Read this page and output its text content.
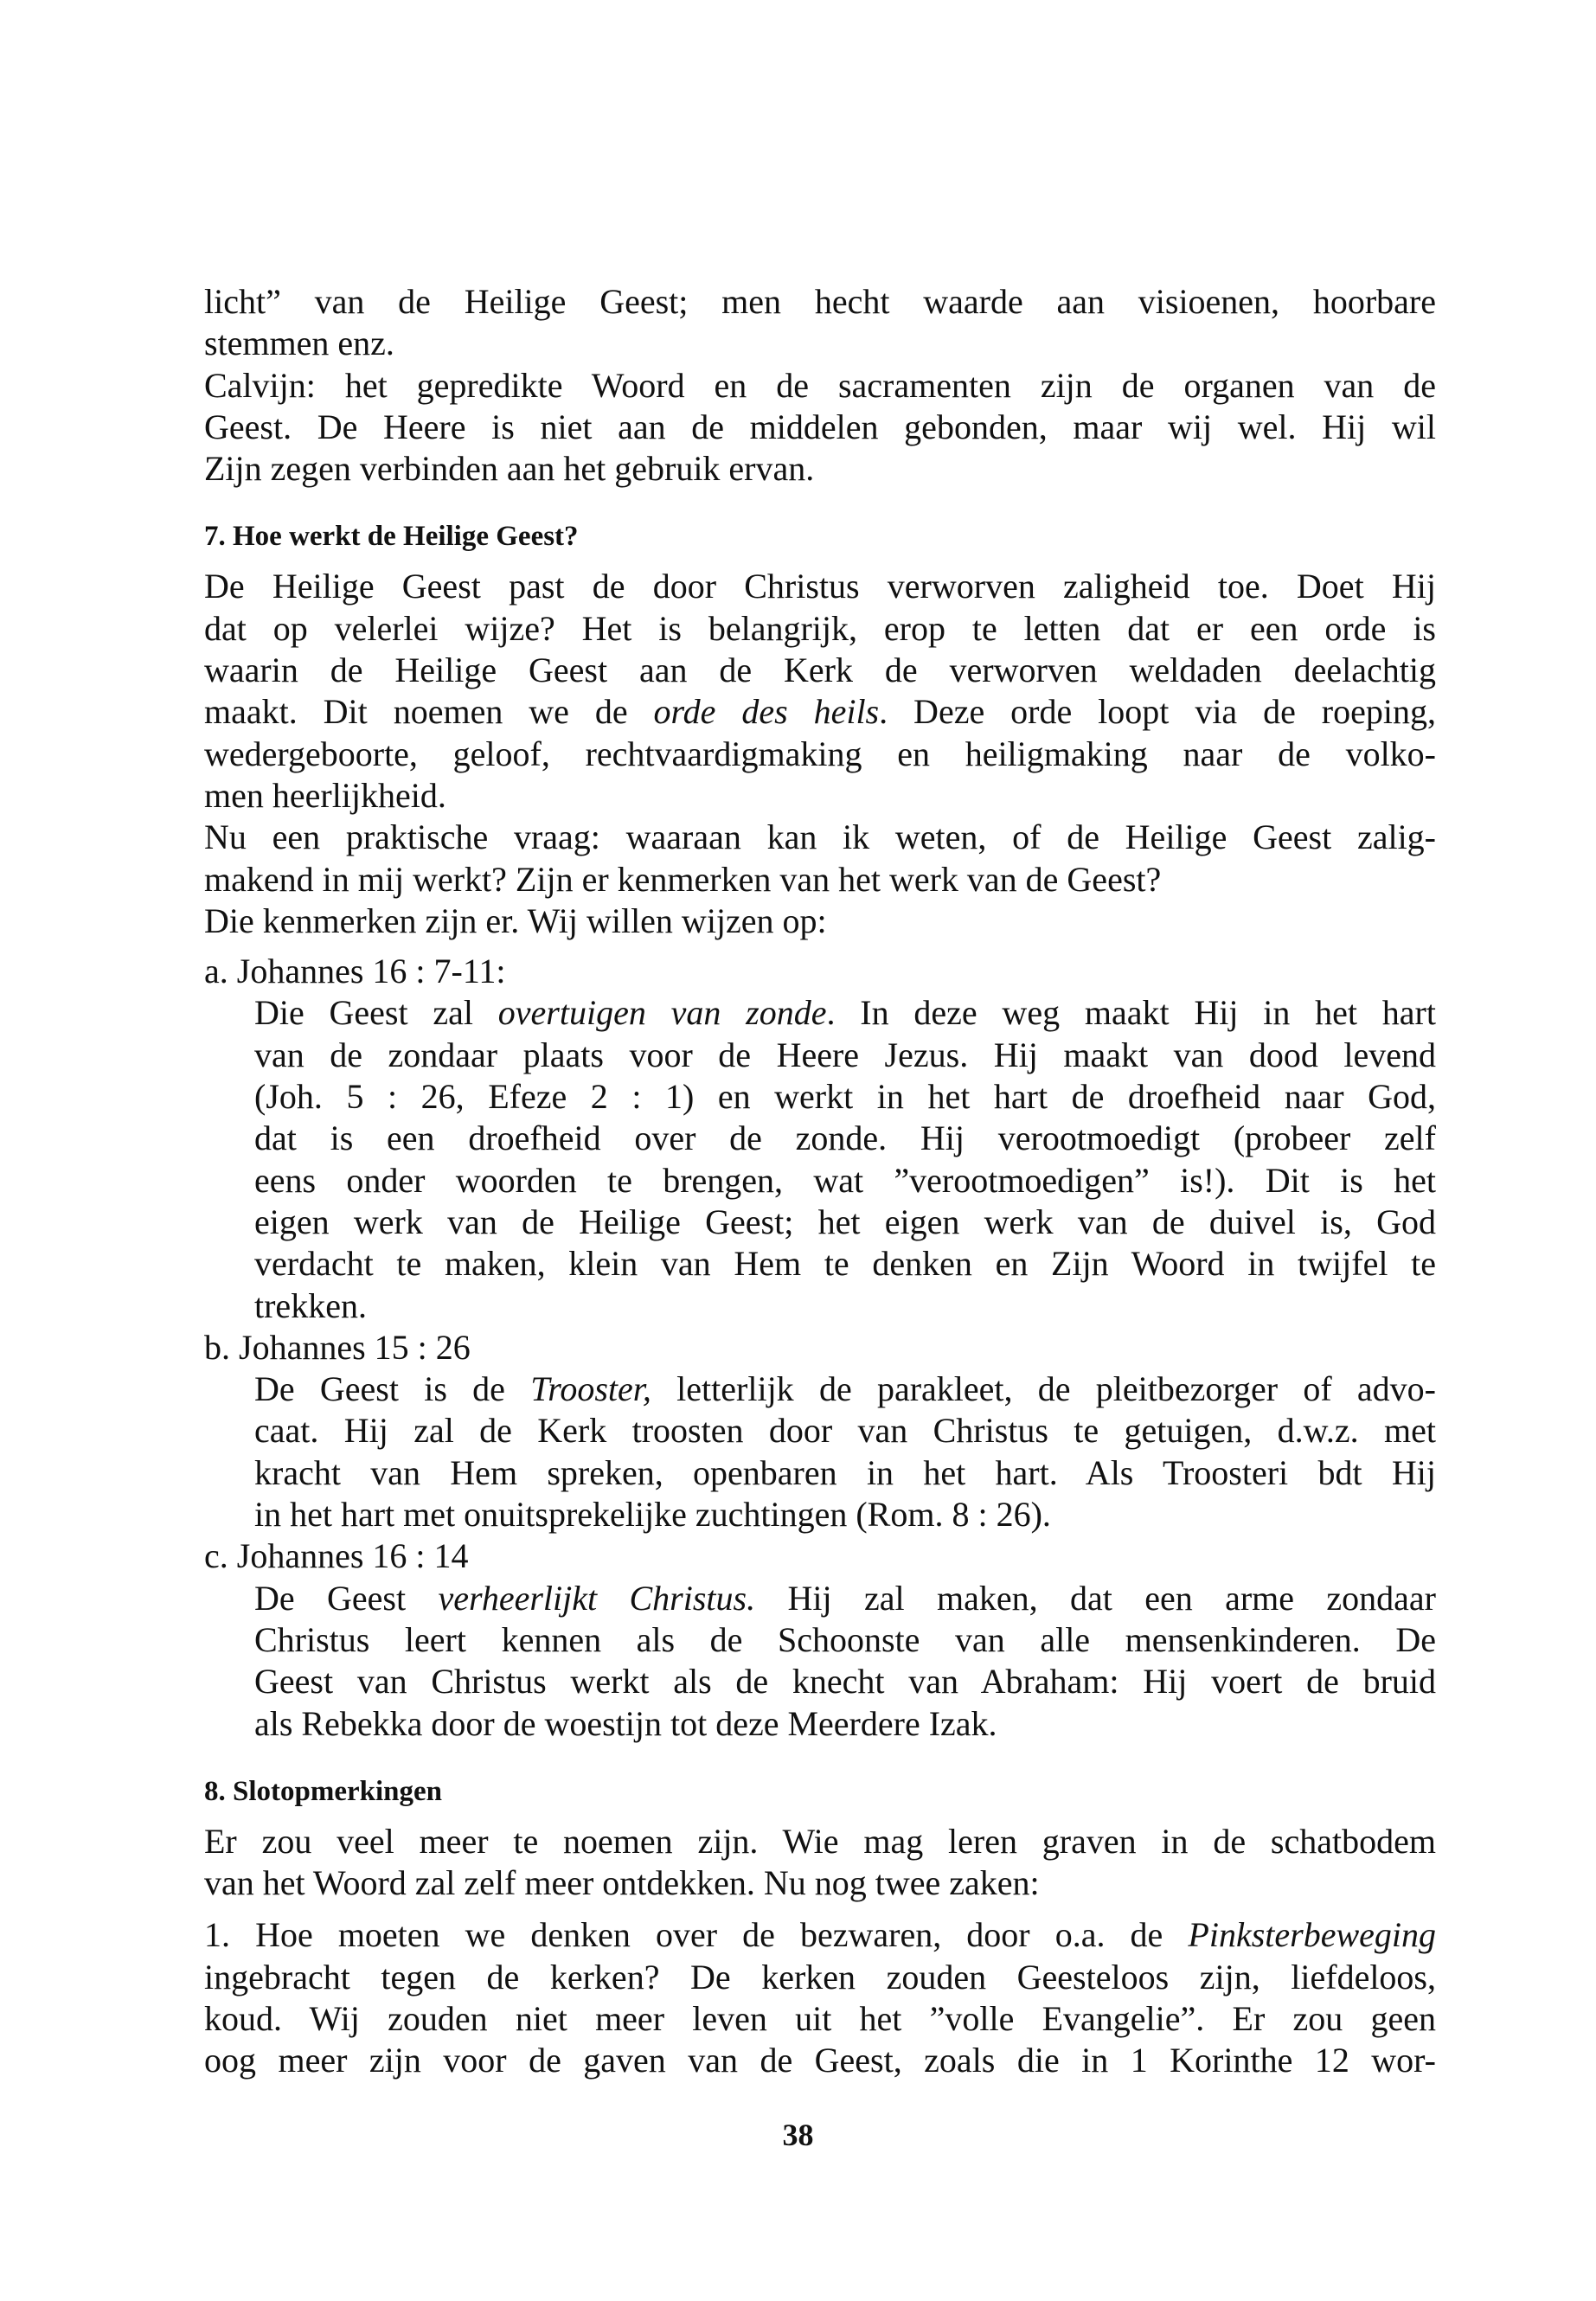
licht” van de Heilige Geest; men hecht waarde aan visioenen, hoorbare
stemmen enz.
Calvijn: het gepredikte Woord en de sacramenten zijn de organen van de
Geest. De Heere is niet aan de middelen gebonden, maar wij wel. Hij wil
Zijn zegen verbinden aan het gebruik ervan.
7. Hoe werkt de Heilige Geest?
De Heilige Geest past de door Christus verworven zaligheid toe. Doet Hij
dat op velerlei wijze? Het is belangrijk, erop te letten dat er een orde is
waarin de Heilige Geest aan de Kerk de verworven weldaden deelachtig
maakt. Dit noemen we de orde des heils. Deze orde loopt via de roeping,
wedergeboorte, geloof, rechtvaardigmaking en heiligmaking naar de volko-
men heerlijkheid.
Nu een praktische vraag: waaraan kan ik weten, of de Heilige Geest zalig-
makend in mij werkt? Zijn er kenmerken van het werk van de Geest?
Die kenmerken zijn er. Wij willen wijzen op:
a. Johannes 16 : 7-11:
Die Geest zal overtuigen van zonde. In deze weg maakt Hij in het hart
van de zondaar plaats voor de Heere Jezus. Hij maakt van dood levend
(Joh. 5 : 26, Efeze 2 : 1) en werkt in het hart de droefheid naar God,
dat is een droefheid over de zonde. Hij verootmoedigt (probeer zelf
eens onder woorden te brengen, wat ”verootmoedigen” is!). Dit is het
eigen werk van de Heilige Geest; het eigen werk van de duivel is, God
verdacht te maken, klein van Hem te denken en Zijn Woord in twijfel te
trekken.
b. Johannes 15 : 26
De Geest is de Trooster, letterlijk de parakleet, de pleitbezorger of advo-
caat. Hij zal de Kerk troosten door van Christus te getuigen, d.w.z. met
kracht van Hem spreken, openbaren in het hart. Als Troosteri bdt Hij
in het hart met onuitsprekelijke zuchtingen (Rom. 8 : 26).
c. Johannes 16 : 14
De Geest verheerlijkt Christus. Hij zal maken, dat een arme zondaar
Christus leert kennen als de Schoonste van alle mensenkinderen. De
Geest van Christus werkt als de knecht van Abraham: Hij voert de bruid
als Rebekka door de woestijn tot deze Meerdere Izak.
8. Slotopmerkingen
Er zou veel meer te noemen zijn. Wie mag leren graven in de schatbodem
van het Woord zal zelf meer ontdekken. Nu nog twee zaken:
1. Hoe moeten we denken over de bezwaren, door o.a. de Pinksterbeweging
ingebracht tegen de kerken? De kerken zouden Geesteloos zijn, liefdeloos,
koud. Wij zouden niet meer leven uit het ”volle Evangelie”. Er zou geen
oog meer zijn voor de gaven van de Geest, zoals die in 1 Korinthe 12 wor-
38
